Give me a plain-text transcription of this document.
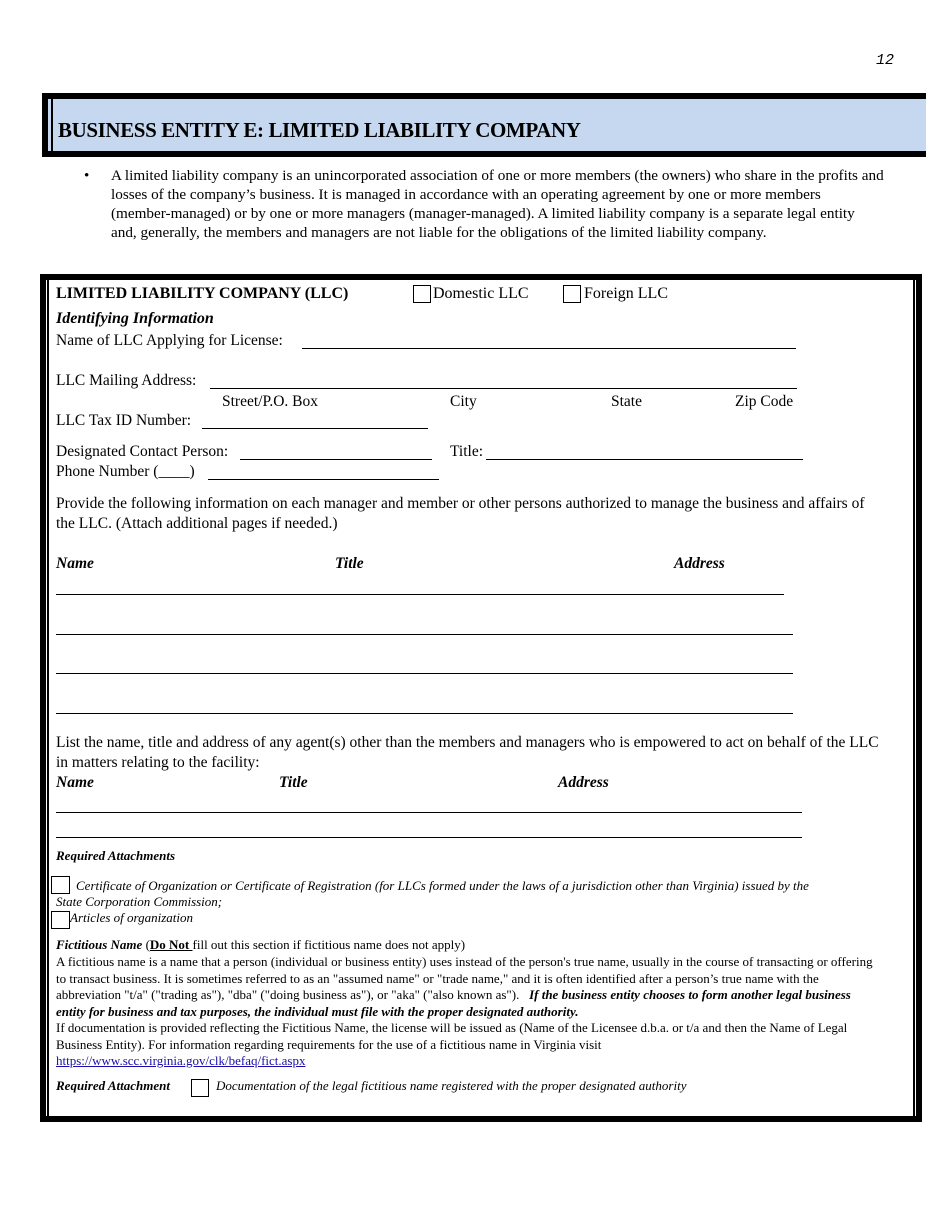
12
BUSINESS ENTITY E: LIMITED LIABILITY COMPANY
• A limited liability company is an unincorporated association of one or more members (the owners) who share in the profits and losses of the company’s business. It is managed in accordance with an operating agreement by one or more members (member-managed) or by one or more managers (manager-managed). A limited liability company is a separate legal entity and, generally, the members and managers are not liable for the obligations of the limited liability company.
LIMITED LIABILITY COMPANY (LLC)	Domestic LLC	Foreign LLC
Identifying Information
Name of LLC Applying for License:
LLC Mailing Address:
Street/P.O. Box	City	State	Zip Code
LLC Tax ID Number:
Designated Contact Person:	Title:
Phone Number (____)
Provide the following information on each manager and member or other persons authorized to manage the business and affairs of the LLC. (Attach additional pages if needed.)
Name	Title	Address
List the name, title and address of any agent(s) other than the members and managers who is empowered to act on behalf of the LLC in matters relating to the facility:
Name	Title	Address
Required Attachments
Certificate of Organization or Certificate of Registration (for LLCs formed under the laws of a jurisdiction other than Virginia) issued by the
State Corporation Commission;
Articles of organization
Fictitious Name (Do Not fill out this section if fictitious name does not apply)
A fictitious name is a name that a person (individual or business entity) uses instead of the person's true name, usually in the course of transacting or offering to transact business. It is sometimes referred to as an "assumed name" or "trade name," and it is often identified after a person’s true name with the abbreviation "t/a" ("trading as"), "dba" ("doing business as"), or "aka" ("also known as"). If the business entity chooses to form another legal business entity for business and tax purposes, the individual must file with the proper designated authority.
If documentation is provided reflecting the Fictitious Name, the license will be issued as (Name of the Licensee d.b.a. or t/a and then the Name of Legal Business Entity). For information regarding requirements for the use of a fictitious name in Virginia visit
https://www.scc.virginia.gov/clk/befaq/fict.aspx
Required Attachment	Documentation of the legal fictitious name registered with the proper designated authority
